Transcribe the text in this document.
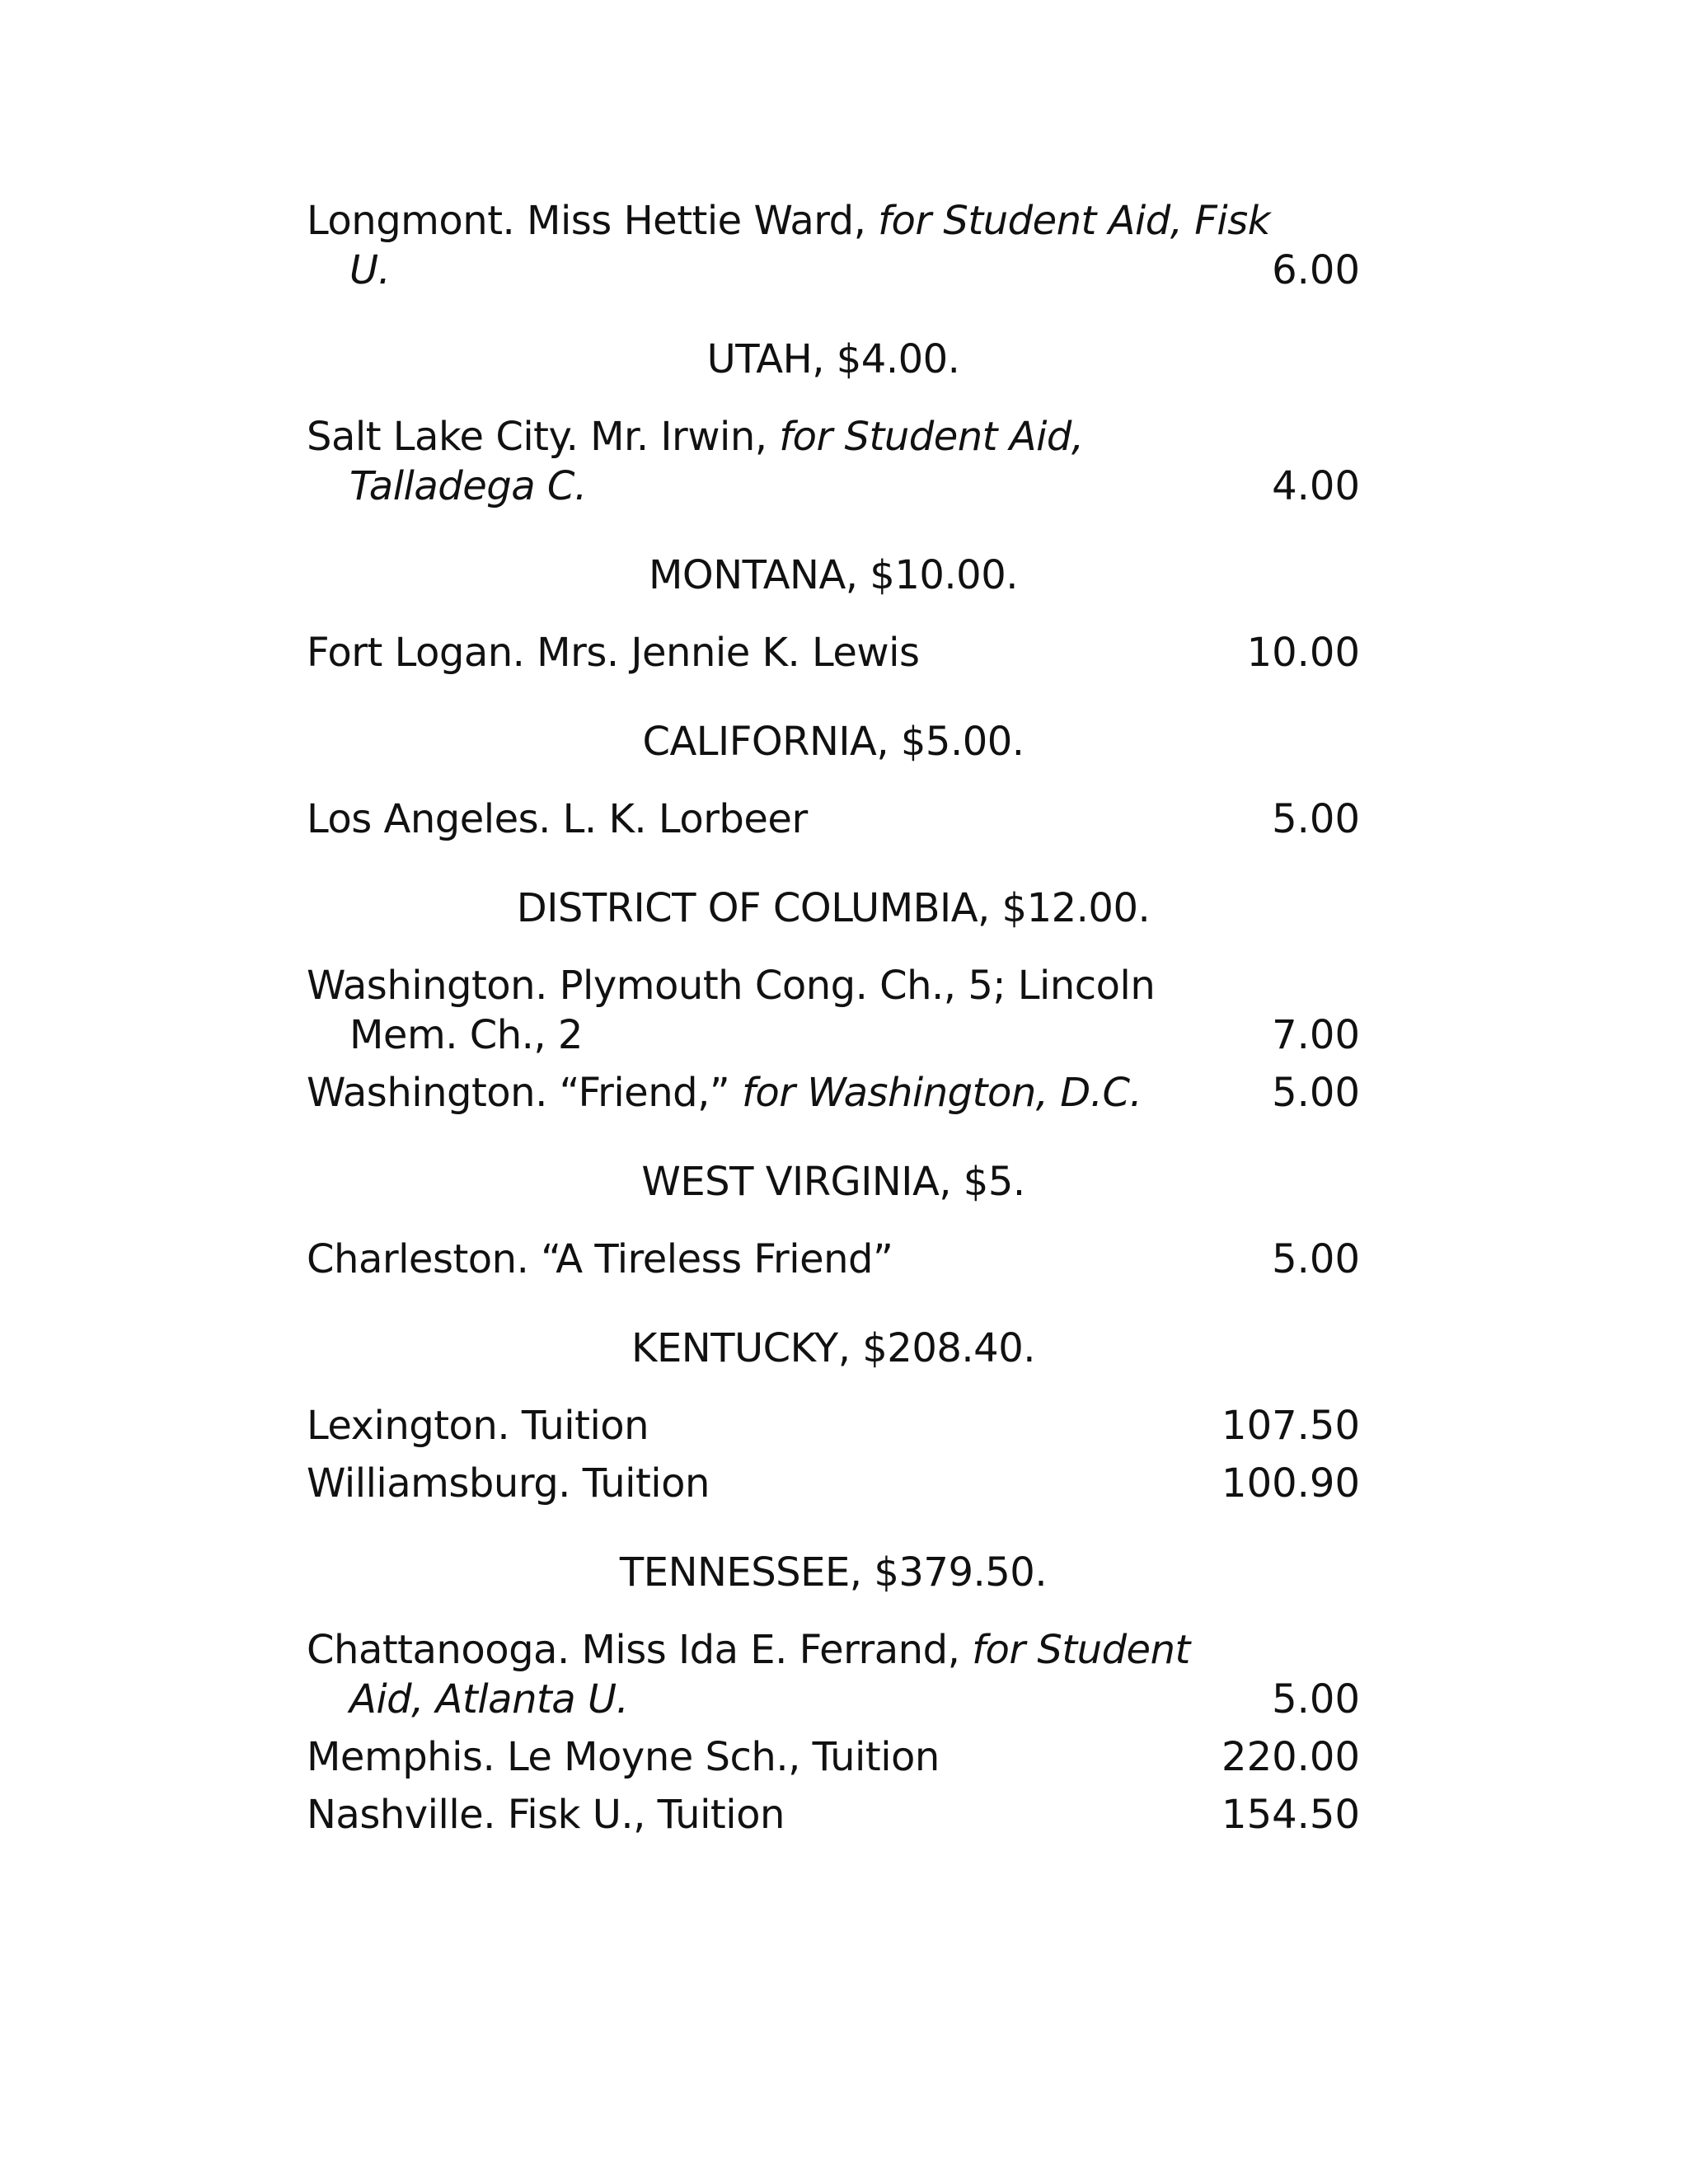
Longmont. Miss Hettie Ward, for Student Aid, Fisk U.	6.00
UTAH, $4.00.
Salt Lake City. Mr. Irwin, for Student Aid, Talladega C.	4.00
MONTANA, $10.00.
Fort Logan. Mrs. Jennie K. Lewis	10.00
CALIFORNIA, $5.00.
Los Angeles. L. K. Lorbeer	5.00
DISTRICT OF COLUMBIA, $12.00.
Washington. Plymouth Cong. Ch., 5; Lincoln Mem. Ch., 2	7.00
Washington. “Friend,” for Washington, D.C.	5.00
WEST VIRGINIA, $5.
Charleston. “A Tireless Friend”	5.00
KENTUCKY, $208.40.
Lexington. Tuition	107.50
Williamsburg. Tuition	100.90
TENNESSEE, $379.50.
Chattanooga. Miss Ida E. Ferrand, for Student Aid, Atlanta U.	5.00
Memphis. Le Moyne Sch., Tuition	220.00
Nashville. Fisk U., Tuition	154.50
